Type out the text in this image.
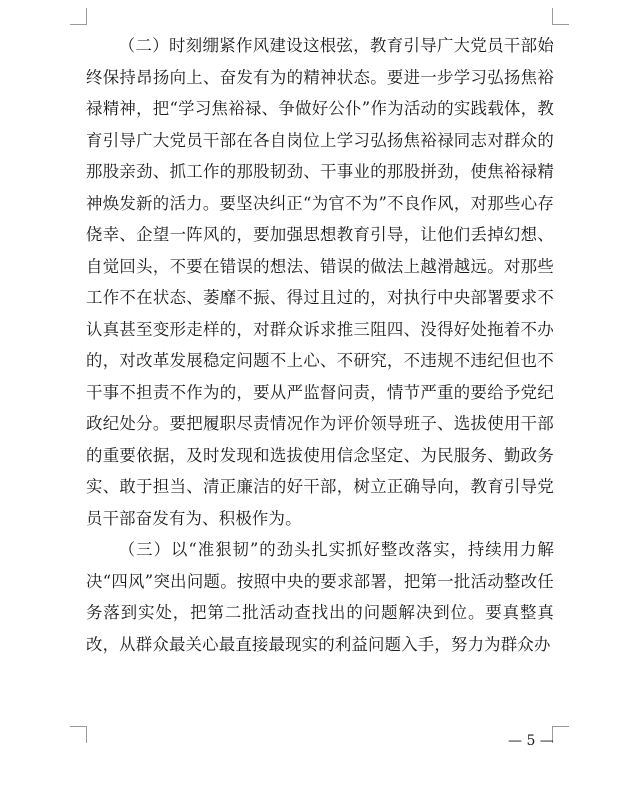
（二）时刻绷紧作风建设这根弦，教育引导广大党员干部始终保持昂扬向上、奋发有为的精神状态。要进一步学习弘扬焦裕禄精神，把“学习焦裕禄、争做好公仆”作为活动的实践载体，教育引导广大党员干部在各自岗位上学习弘扬焦裕禄同志对群众的那股亲劲、抓工作的那股韧劲、干事业的那股拼劲，使焦裕禄精神焕发新的活力。要坚决纠正“为官不为”不良作风，对那些心存侥幸、企望一阵风的，要加强思想教育引导，让他们丢掉幻想、自觉回头，不要在错误的想法、错误的做法上越滑越远。对那些工作不在状态、萎靡不振、得过且过的，对执行中央部署要求不认真甚至变形走样的，对群众诉求推三阻四、没得好处拖着不办的，对改革发展稳定问题不上心、不研究，不违规不违纪但也不干事不担责不作为的，要从严监督问责，情节严重的要给予党纪政纪处分。要把履职尽责情况作为评价领导班子、选拔使用干部的重要依据，及时发现和选拔使用信念坚定、为民服务、勤政务实、敢于担当、清正廉洁的好干部，树立正确导向，教育引导党员干部奋发有为、积极作为。

（三）以“准狠韧”的劲头扎实抓好整改落实，持续用力解决“四风”突出问题。按照中央的要求部署，把第一批活动整改任务落到实处，把第二批活动查找出的问题解决到位。要真整真改，从群众最关心最直接最现实的利益问题入手，努力为群众办

— 5 —
